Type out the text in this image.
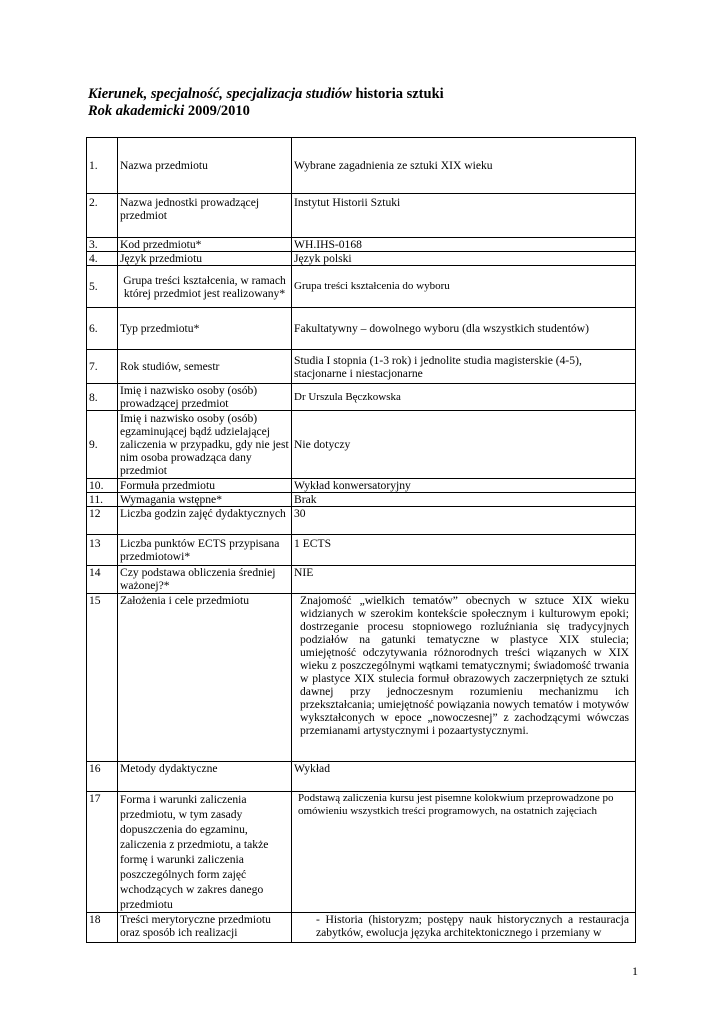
Kierunek, specjalność, specjalizacja studiów historia sztuki
Rok akademicki 2009/2010
1.	Nazwa przedmiotu	Wybrane zagadnienia ze sztuki XIX wieku
2.	Nazwa jednostki prowadzącej przedmiot	Instytut Historii Sztuki
3.	Kod przedmiotu*	WH.IHS-0168
4.	Język przedmiotu	Język polski
5.	Grupa treści kształcenia, w ramach której przedmiot jest realizowany*	Grupa treści kształcenia do wyboru
6.	Typ przedmiotu*	Fakultatywny – dowolnego wyboru (dla wszystkich studentów)
7.	Rok studiów, semestr	Studia I stopnia (1-3 rok) i jednolite studia magisterskie (4-5), stacjonarne i niestacjonarne
8.	Imię i nazwisko osoby (osób) prowadzącej przedmiot	Dr Urszula Bęczkowska
9.	Imię i nazwisko osoby (osób) egzaminującej bądź udzielającej zaliczenia w przypadku, gdy nie jest nim osoba prowadząca dany przedmiot	Nie dotyczy
10.	Formuła przedmiotu	Wykład konwersatoryjny
11.	Wymagania wstępne*	Brak
12	Liczba godzin zajęć dydaktycznych	30
13	Liczba punktów ECTS przypisana przedmiotowi*	1 ECTS
14	Czy podstawa obliczenia średniej ważonej?*	NIE
15	Założenia i cele przedmiotu	Znajomość „wielkich tematów” obecnych w sztuce XIX wieku widzianych w szerokim kontekście społecznym i kulturowym epoki; dostrzeganie procesu stopniowego rozluźniania się tradycyjnych podziałów na gatunki tematyczne w plastyce XIX stulecia; umiejętność odczytywania różnorodnych treści wiązanych w XIX wieku z poszczególnymi wątkami tematycznymi; świadomość trwania w plastyce XIX stulecia formuł obrazowych zaczerpniętych ze sztuki dawnej przy jednoczesnym rozumieniu mechanizmu ich przekształcania; umiejętność powiązania nowych tematów i motywów wykształconych w epoce „nowoczesnej” z zachodzącymi wówczas przemianami artystycznymi i pozaartystycznymi.
16	Metody dydaktyczne	Wykład
17	Forma i warunki zaliczenia przedmiotu, w tym zasady dopuszczenia do egzaminu, zaliczenia z przedmiotu, a także formę i warunki zaliczenia poszczególnych form zajęć wchodzących w zakres danego przedmiotu	Podstawą zaliczenia kursu jest pisemne kolokwium przeprowadzone po omówieniu wszystkich treści programowych, na ostatnich zajęciach
18	Treści merytoryczne przedmiotu oraz sposób ich realizacji	- Historia (historyzm; postępy nauk historycznych a restauracja zabytków, ewolucja języka architektonicznego i przemiany w
1
